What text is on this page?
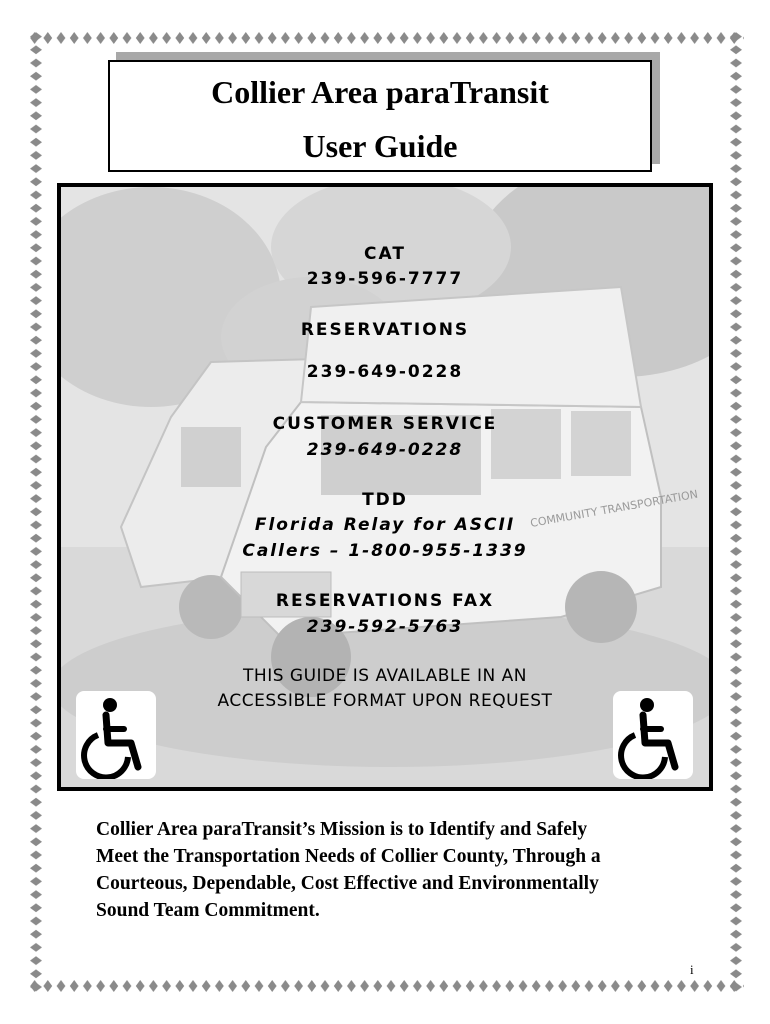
Collier Area paraTransit
User Guide
COMMUNITY TRANSPORTATION
CAT
239-596-7777
RESERVATIONS
239-649-0228
CUSTOMER SERVICE
239-649-0228
TDD
Florida Relay for ASCII
Callers – 1-800-955-1339
RESERVATIONS FAX
239-592-5763
THIS GUIDE IS AVAILABLE IN AN
ACCESSIBLE FORMAT UPON REQUEST
Collier Area paraTransit’s Mission is to Identify and Safely
Meet the Transportation Needs of Collier County, Through a
Courteous, Dependable, Cost Effective and Environmentally
Sound Team Commitment.
i
